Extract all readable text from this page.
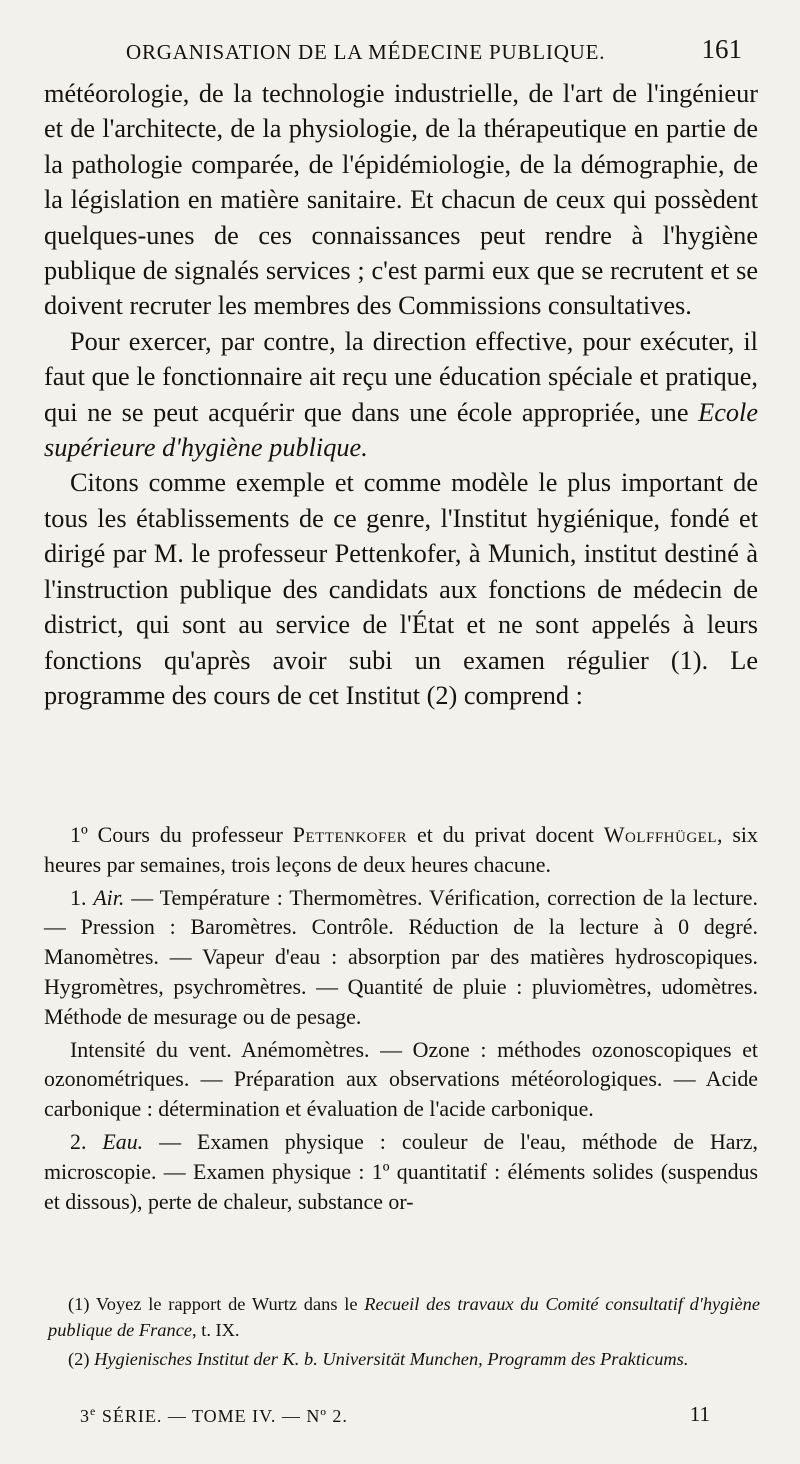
ORGANISATION DE LA MÉDECINE PUBLIQUE.	161

météorologie, de la technologie industrielle, de l'art de l'ingénieur et de l'architecte, de la physiologie, de la thérapeutique en partie de la pathologie comparée, de l'épidémiologie, de la démographie, de la législation en matière sanitaire. Et chacun de ceux qui possèdent quelques-unes de ces connaissances peut rendre à l'hygiène publique de signalés services ; c'est parmi eux que se recrutent et se doivent recruter les membres des Commissions consultatives.

Pour exercer, par contre, la direction effective, pour exécuter, il faut que le fonctionnaire ait reçu une éducation spéciale et pratique, qui ne se peut acquérir que dans une école appropriée, une Ecole supérieure d'hygiène publique.

Citons comme exemple et comme modèle le plus important de tous les établissements de ce genre, l'Institut hygiénique, fondé et dirigé par M. le professeur Pettenkofer, à Munich, institut destiné à l'instruction publique des candidats aux fonctions de médecin de district, qui sont au service de l'État et ne sont appelés à leurs fonctions qu'après avoir subi un examen régulier (1). Le programme des cours de cet Institut (2) comprend :

1º Cours du professeur Pettenkofer et du privat docent Wolffhügel, six heures par semaines, trois leçons de deux heures chacune.

1. Air. — Température : Thermomètres. Vérification, correction de la lecture. — Pression : Baromètres. Contrôle. Réduction de la lecture à 0 degré. Manomètres. — Vapeur d'eau : absorption par des matières hydroscopiques. Hygromètres, psychromètres. — Quantité de pluie : pluviomètres, udomètres. Méthode de mesurage ou de pesage.

Intensité du vent. Anémomètres. — Ozone : méthodes ozonoscopiques et ozonométriques. — Préparation aux observations météorologiques. — Acide carbonique : détermination et évaluation de l'acide carbonique.

2. Eau. — Examen physique : couleur de l'eau, méthode de Harz, microscopie. — Examen physique : 1º quantitatif : éléments solides (suspendus et dissous), perte de chaleur, substance or-

(1) Voyez le rapport de Wurtz dans le Recueil des travaux du Comité consultatif d'hygiène publique de France, t. IX.

(2) Hygienisches Institut der K. b. Universität Munchen, Programm des Prakticums.

3e SÉRIE. — TOME IV. — Nº 2.	11
